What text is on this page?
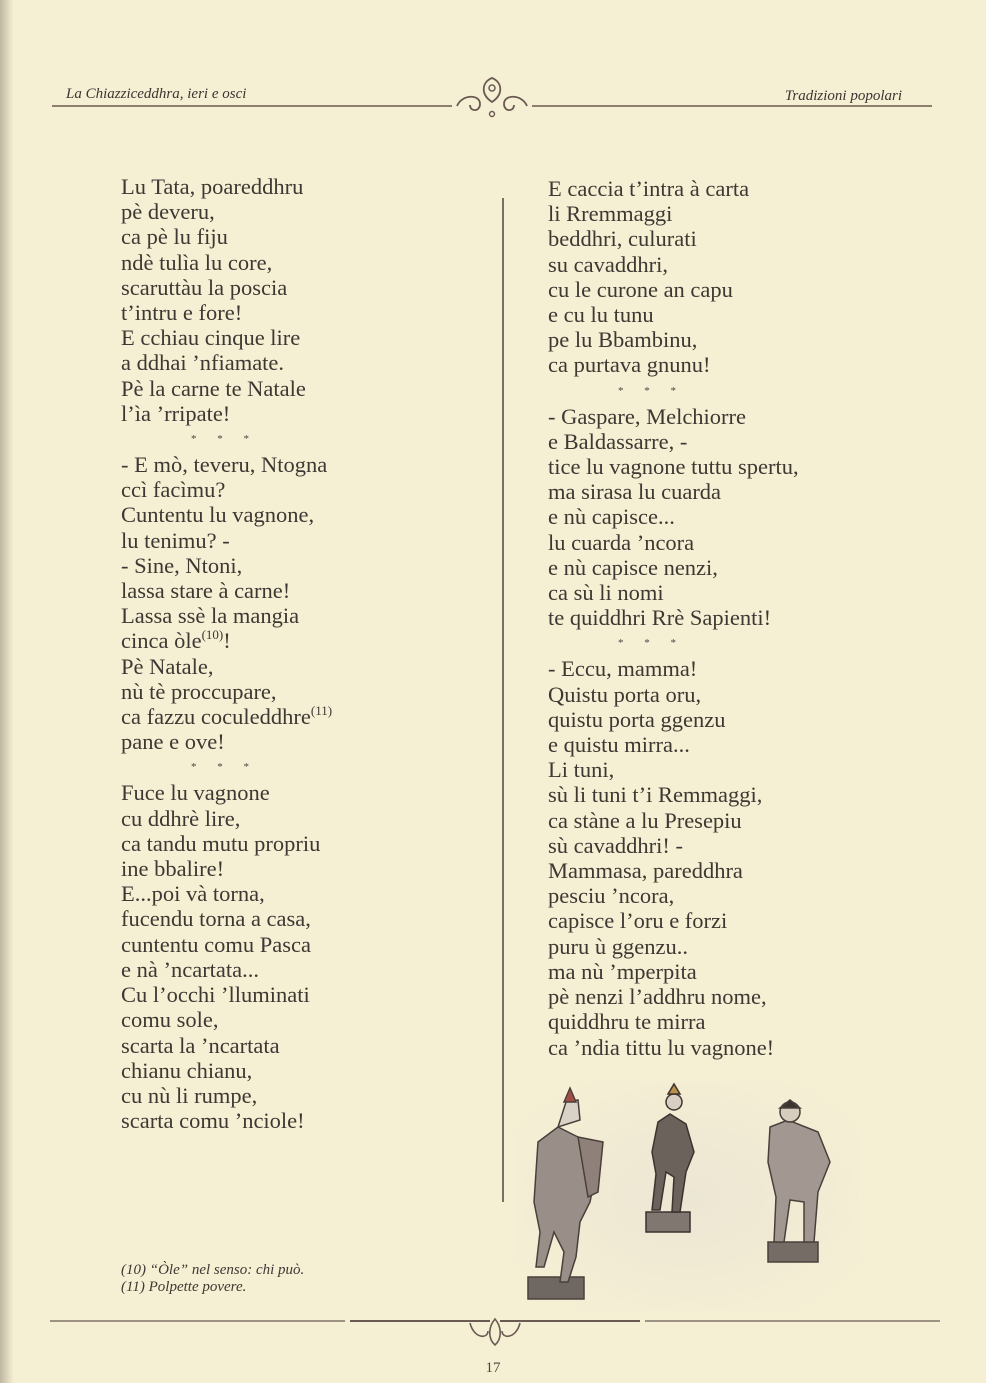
La Chiazziceddhra, ieri e osci	Tradizioni popolari
Lu Tata, poareddhru
pè deveru,
ca pè lu fiju
ndè tulìa lu core,
scaruttàu la poscia
t’intru e fore!
E cchiau cinque lire
a ddhai ’nfiamate.
Pè la carne te Natale
l’ìa ’rripate!
* * *
- E mò, teveru, Ntogna
ccì facìmu?
Cuntentu lu vagnone,
lu tenimu? -
- Sine, Ntoni,
lassa stare à carne!
Lassa ssè la mangia
cinca òle$^{(10)}$!
Pè Natale,
nù tè proccupare,
ca fazzu coculeddhre$^{(11)}$
pane e ove!
* * *
Fuce lu vagnone
cu ddhrè lire,
ca tandu mutu propriu
ine bbalire!
E...poi và torna,
fucendu torna a casa,
cuntentu comu Pasca
e nà ’ncartata...
Cu l’occhi ’lluminati
comu sole,
scarta la ’ncartata
chianu chianu,
cu nù li rumpe,
scarta comu ’nciole!
E caccia t’intra à carta
li Rremmaggi
beddhri, culurati
su cavaddhri,
cu le curone an capu
e cu lu tunu
pe lu Bbambinu,
ca purtava gnunu!
* * *
- Gaspare, Melchiorre
e Baldassarre, -
tice lu vagnone tuttu spertu,
ma sirasa lu cuarda
e nù capisce...
lu cuarda ’ncora
e nù capisce nenzi,
ca sù li nomi
te quiddhri Rrè Sapienti!
* * *
- Eccu, mamma!
Quistu porta oru,
quistu porta ggenzu
e quistu mirra...
Li tuni,
sù li tuni t’i Remmaggi,
ca stàne a lu Presepiu
sù cavaddhri! -
Mammasa, pareddhra
pesciu ’ncora,
capisce l’oru e forzi
puru ù ggenzu..
ma nù ’mperpita
pè nenzi l’addhru nome,
quiddhru te mirra
ca ’ndia tittu lu vagnone!
(10) “Òle” nel senso: chi può.
(11) Polpette povere.
17
